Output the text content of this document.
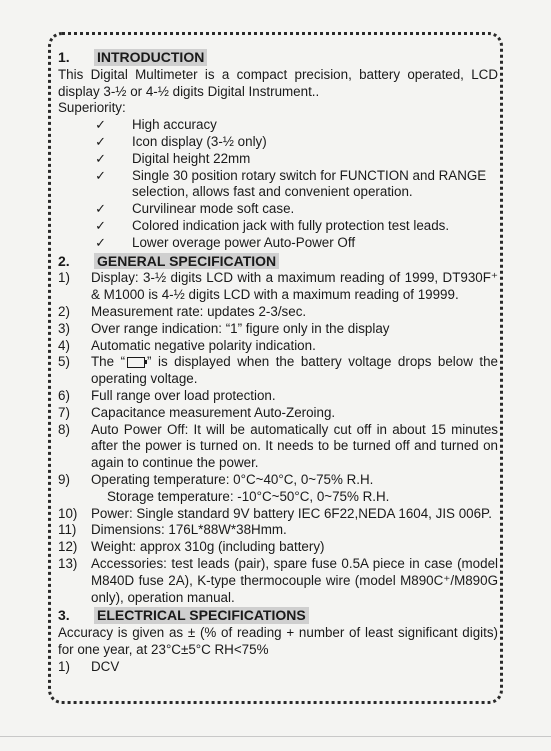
1.	INTRODUCTION

This Digital Multimeter is a compact precision, battery operated, LCD display 3-½ or 4-½ digits Digital Instrument..

Superiority:

✓	High accuracy
✓	Icon display (3-½ only)
✓	Digital height 22mm
✓	Single 30 position rotary switch for FUNCTION and RANGE selection, allows fast and convenient operation.
✓	Curvilinear mode soft case.
✓	Colored indication jack with fully protection test leads.
✓	Lower overage power Auto-Power Off
2.	GENERAL SPECIFICATION
1)	Display: 3-½ digits LCD with a maximum reading of 1999, DT930F⁺ & M1000 is 4-½ digits LCD with a maximum reading of 19999.
2)	Measurement rate: updates 2-3/sec.
3)	Over range indication: “1” figure only in the display
4)	Automatic negative polarity indication.
5)	The “ ” is displayed when the battery voltage drops below the operating voltage.
6)	Full range over load protection.
7)	Capacitance measurement Auto-Zeroing.
8)	Auto Power Off: It will be automatically cut off in about 15 minutes after the power is turned on. It needs to be turned off and turned on again to continue the power.
9)	Operating temperature: 0°C~40°C, 0~75% R.H.
Storage temperature: -10°C~50°C, 0~75% R.H.
10)	Power: Single standard 9V battery IEC 6F22,NEDA 1604, JIS 006P.
11)	Dimensions: 176L*88W*38Hmm.
12)	Weight: approx 310g (including battery)
13)	Accessories: test leads (pair), spare fuse 0.5A piece in case (model M840D fuse 2A), K-type thermocouple wire (model M890C⁺/M890G only), operation manual.
3.	ELECTRICAL SPECIFICATIONS

Accuracy is given as ± (% of reading + number of least significant digits) for one year, at 23°C±5°C RH<75%

1)	DCV
